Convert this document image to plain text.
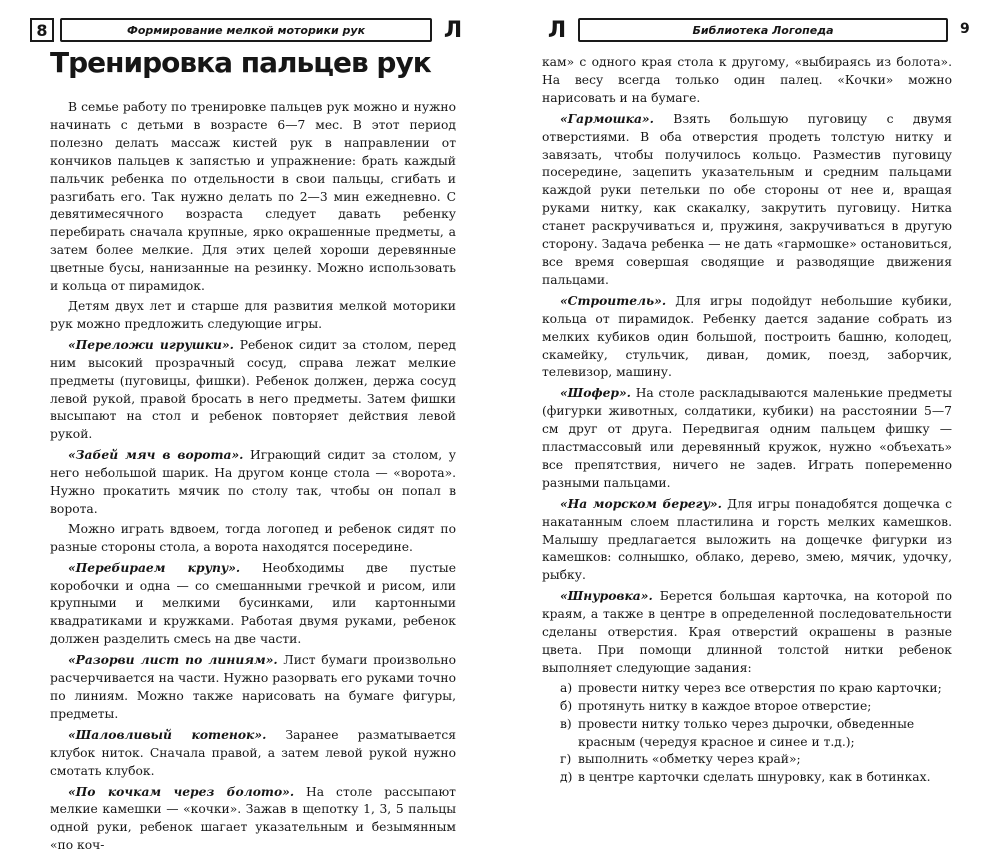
8	Формирование мелкой моторики рук	Л
Тренировка пальцев рук

В семье работу по тренировке пальцев рук можно и нужно начинать с детьми в возрасте 6—7 мес. В этот период полезно делать массаж кистей рук в направлении от кончиков пальцев к запястью и упражнение: брать каждый пальчик ребенка по отдельности в свои пальцы, сгибать и разгибать его. Так нужно делать по 2—3 мин ежедневно. С девятимесячного возраста следует давать ребенку перебирать сначала крупные, ярко окрашенные предметы, а затем более мелкие. Для этих целей хороши деревянные цветные бусы, нанизанные на резинку. Можно использовать и кольца от пирамидок.

Детям двух лет и старше для развития мелкой моторики рук можно предложить следующие игры.

«Переложи игрушки». Ребенок сидит за столом, перед ним высокий прозрачный сосуд, справа лежат мелкие предметы (пуговицы, фишки). Ребенок должен, держа сосуд левой рукой, правой бросать в него предметы. Затем фишки высыпают на стол и ребенок повторяет действия левой рукой.

«Забей мяч в ворота». Играющий сидит за столом, у него небольшой шарик. На другом конце стола — «ворота». Нужно прокатить мячик по столу так, чтобы он попал в ворота.

Можно играть вдвоем, тогда логопед и ребенок сидят по разные стороны стола, а ворота находятся посередине.

«Перебираем крупу». Необходимы две пустые коробочки и одна — со смешанными гречкой и рисом, или крупными и мелкими бусинками, или картонными квадратиками и кружками. Работая двумя руками, ребенок должен разделить смесь на две части.

«Разорви лист по линиям». Лист бумаги произвольно расчерчивается на части. Нужно разорвать его руками точно по линиям. Можно также нарисовать на бумаге фигуры, предметы.

«Шаловливый котенок». Заранее разматывается клубок ниток. Сначала правой, а затем левой рукой нужно смотать клубок.

«По кочкам через болото». На столе рассыпают мелкие камешки — «кочки». Зажав в щепотку 1, 3, 5 пальцы одной руки, ребенок шагает указательным и безымянным «по коч-

Л	Библиотека Логопеда	9

кам» с одного края стола к другому, «выбираясь из болота». На весу всегда только один палец. «Кочки» можно нарисовать и на бумаге.

«Гармошка». Взять большую пуговицу с двумя отверстиями. В оба отверстия продеть толстую нитку и завязать, чтобы получилось кольцо. Разместив пуговицу посередине, зацепить указательным и средним пальцами каждой руки петельки по обе стороны от нее и, вращая руками нитку, как скакалку, закрутить пуговицу. Нитка станет раскручиваться и, пружиня, закручиваться в другую сторону. Задача ребенка — не дать «гармошке» остановиться, все время совершая сводящие и разводящие движения пальцами.

«Строитель». Для игры подойдут небольшие кубики, кольца от пирамидок. Ребенку дается задание собрать из мелких кубиков один большой, построить башню, колодец, скамейку, стульчик, диван, домик, поезд, заборчик, телевизор, машину.

«Шофер». На столе раскладываются маленькие предметы (фигурки животных, солдатики, кубики) на расстоянии 5—7 см друг от друга. Передвигая одним пальцем фишку — пластмассовый или деревянный кружок, нужно «объехать» все препятствия, ничего не задев. Играть попеременно разными пальцами.

«На морском берегу». Для игры понадобятся дощечка с накатанным слоем пластилина и горсть мелких камешков. Малышу предлагается выложить на дощечке фигурки из камешков: солнышко, облако, дерево, змею, мячик, удочку, рыбку.

«Шнуровка». Берется большая карточка, на которой по краям, а также в центре в определенной последовательности сделаны отверстия. Края отверстий окрашены в разные цвета. При помощи длинной толстой нитки ребенок выполняет следующие задания:

а) провести нитку через все отверстия по краю карточки;
б) протянуть нитку в каждое второе отверстие;
в) провести нитку только через дырочки, обведенные красным (чередуя красное и синее и т.д.);
г) выполнить «обметку через край»;
д) в центре карточки сделать шнуровку, как в ботинках.
